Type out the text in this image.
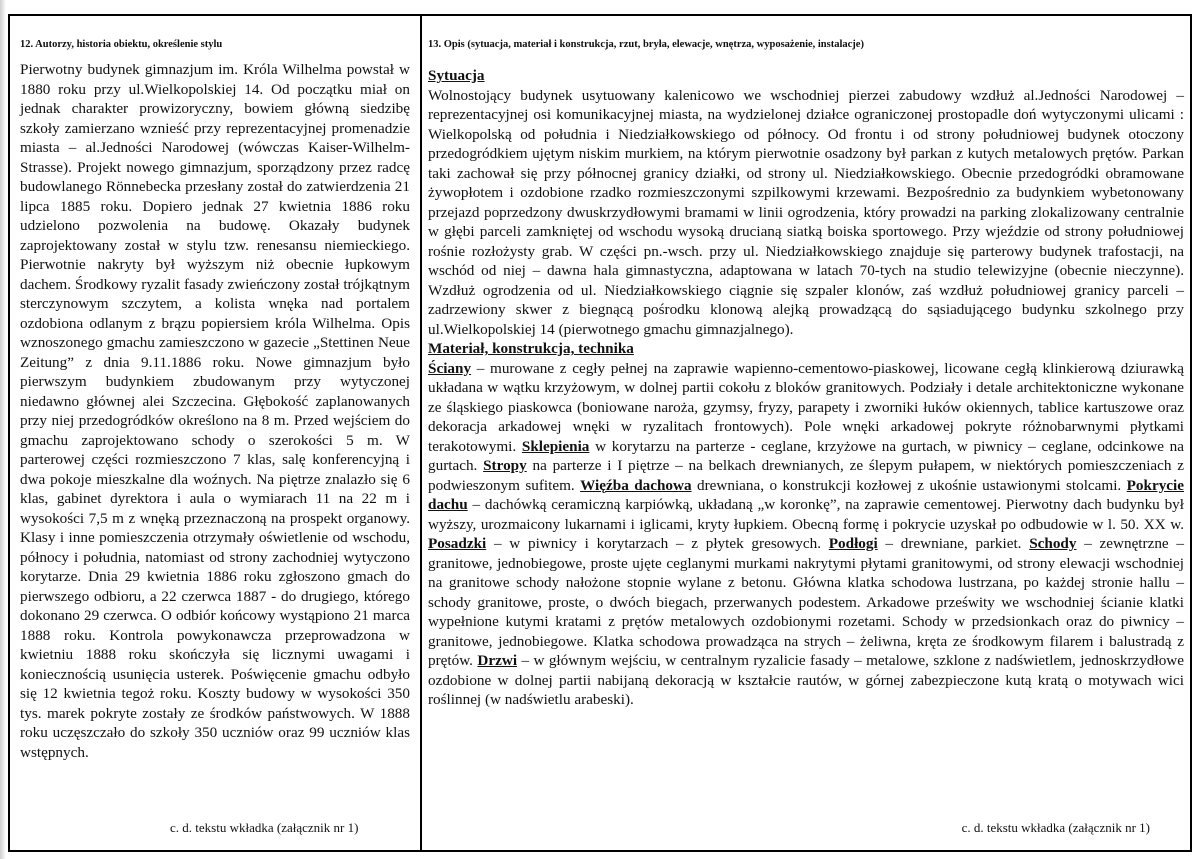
12. Autorzy, historia obiektu, określenie stylu

Pierwotny budynek gimnazjum im. Króla Wilhelma powstał w 1880 roku przy ul.Wielkopolskiej 14. Od początku miał on jednak charakter prowizoryczny, bowiem główną siedzibę szkoły zamierzano wznieść przy reprezentacyjnej promenadzie miasta – al.Jedności Narodowej (wówczas Kaiser-Wilhelm-Strasse). Projekt nowego gimnazjum, sporządzony przez radcę budowlanego Rönnebecka przesłany został do zatwierdzenia 21 lipca 1885 roku. Dopiero jednak 27 kwietnia 1886 roku udzielono pozwolenia na budowę. Okazały budynek zaprojektowany został w stylu tzw. renesansu niemieckiego. Pierwotnie nakryty był wyższym niż obecnie łupkowym dachem. Środkowy ryzalit fasady zwieńczony został trójkątnym sterczynowym szczytem, a kolista wnęka nad portalem ozdobiona odlanym z brązu popiersiem króla Wilhelma. Opis wznoszonego gmachu zamieszczono w gazecie „Stettinen Neue Zeitung” z dnia 9.11.1886 roku. Nowe gimnazjum było pierwszym budynkiem zbudowanym przy wytyczonej niedawno głównej alei Szczecina. Głębokość zaplanowanych przy niej przedogródków określono na 8 m. Przed wejściem do gmachu zaprojektowano schody o szerokości 5 m. W parterowej części rozmieszczono 7 klas, salę konferencyjną i dwa pokoje mieszkalne dla woźnych. Na piętrze znalazło się 6 klas, gabinet dyrektora i aula o wymiarach 11 na 22 m i wysokości 7,5 m z wnęką przeznaczoną na prospekt organowy. Klasy i inne pomieszczenia otrzymały oświetlenie od wschodu, północy i południa, natomiast od strony zachodniej wytyczono korytarze. Dnia 29 kwietnia 1886 roku zgłoszono gmach do pierwszego odbioru, a 22 czerwca 1887 - do drugiego, którego dokonano 29 czerwca. O odbiór końcowy wystąpiono 21 marca 1888 roku. Kontrola powykonawcza przeprowadzona w kwietniu 1888 roku skończyła się licznymi uwagami i koniecznością usunięcia usterek. Poświęcenie gmachu odbyło się 12 kwietnia tegoż roku. Koszty budowy w wysokości 350 tys. marek pokryte zostały ze środków państwowych. W 1888 roku uczęszczało do szkoły 350 uczniów oraz 99 uczniów klas wstępnych.

c. d. tekstu wkładka (załącznik nr 1)
13. Opis (sytuacja, materiał i konstrukcja, rzut, bryła, elewacje, wnętrza, wyposażenie, instalacje)
Sytuacja

Wolnostojący budynek usytuowany kalenicowo we wschodniej pierzei zabudowy wzdłuż al.Jedności Narodowej – reprezentacyjnej osi komunikacyjnej miasta, na wydzielonej działce ograniczonej prostopadle doń wytyczonymi ulicami : Wielkopolską od południa i Niedziałkowskiego od północy. Od frontu i od strony południowej budynek otoczony przedogródkiem ujętym niskim murkiem, na którym pierwotnie osadzony był parkan z kutych metalowych prętów. Parkan taki zachował się przy północnej granicy działki, od strony ul. Niedziałkowskiego. Obecnie przedogródki obramowane żywopłotem i ozdobione rzadko rozmieszczonymi szpilkowymi krzewami. Bezpośrednio za budynkiem wybetonowany przejazd poprzedzony dwuskrzydłowymi bramami w linii ogrodzenia, który prowadzi na parking zlokalizowany centralnie w głębi parceli zamkniętej od wschodu wysoką drucianą siatką boiska sportowego. Przy wjeździe od strony południowej rośnie rozłożysty grab. W części pn.-wsch. przy ul. Niedziałkowskiego znajduje się parterowy budynek trafostacji, na wschód od niej – dawna hala gimnastyczna, adaptowana w latach 70-tych na studio telewizyjne (obecnie nieczynne). Wzdłuż ogrodzenia od ul. Niedziałkowskiego ciągnie się szpaler klonów, zaś wzdłuż południowej granicy parceli – zadrzewiony skwer z biegnącą pośrodku klonową alejką prowadzącą do sąsiadującego budynku szkolnego przy ul.Wielkopolskiej 14 (pierwotnego gmachu gimnazjalnego).

Materiał, konstrukcja, technika

Ściany – murowane z cegły pełnej na zaprawie wapienno-cementowo-piaskowej, licowane cegłą klinkierową dziurawką układana w wątku krzyżowym, w dolnej partii cokołu z bloków granitowych. Podziały i detale architektoniczne wykonane ze śląskiego piaskowca (boniowane naroża, gzymsy, fryzy, parapety i zworniki łuków okiennych, tablice kartuszowe oraz dekoracja arkadowej wnęki w ryzalitach frontowych). Pole wnęki arkadowej pokryte różnobarwnymi płytkami terakotowymi. Sklepienia w korytarzu na parterze - ceglane, krzyżowe na gurtach, w piwnicy – ceglane, odcinkowe na gurtach. Stropy na parterze i I piętrze – na belkach drewnianych, ze ślepym pułapem, w niektórych pomieszczeniach z podwieszonym sufitem. Więźba dachowa drewniana, o konstrukcji kozłowej z ukośnie ustawionymi stolcami. Pokrycie dachu – dachówką ceramiczną karpiówką, układaną „w koronkę”, na zaprawie cementowej. Pierwotny dach budynku był wyższy, urozmaicony lukarnami i iglicami, kryty łupkiem. Obecną formę i pokrycie uzyskał po odbudowie w l. 50. XX w. Posadzki – w piwnicy i korytarzach – z płytek gresowych. Podłogi – drewniane, parkiet. Schody – zewnętrzne – granitowe, jednobiegowe, proste ujęte ceglanymi murkami nakrytymi płytami granitowymi, od strony elewacji wschodniej na granitowe schody nałożone stopnie wylane z betonu. Główna klatka schodowa lustrzana, po każdej stronie hallu – schody granitowe, proste, o dwóch biegach, przerwanych podestem. Arkadowe prześwity we wschodniej ścianie klatki wypełnione kutymi kratami z prętów metalowych ozdobionymi rozetami. Schody w przedsionkach oraz do piwnicy – granitowe, jednobiegowe. Klatka schodowa prowadząca na strych – żeliwna, kręta ze środkowym filarem i balustradą z prętów. Drzwi – w głównym wejściu, w centralnym ryzalicie fasady – metalowe, szklone z nadświetlem, jednoskrzydłowe ozdobione w dolnej partii nabijaną dekoracją w kształcie rautów, w górnej zabezpieczone kutą kratą o motywach wici roślinnej (w nadświetlu arabeski).

c. d. tekstu wkładka (załącznik nr 1)
